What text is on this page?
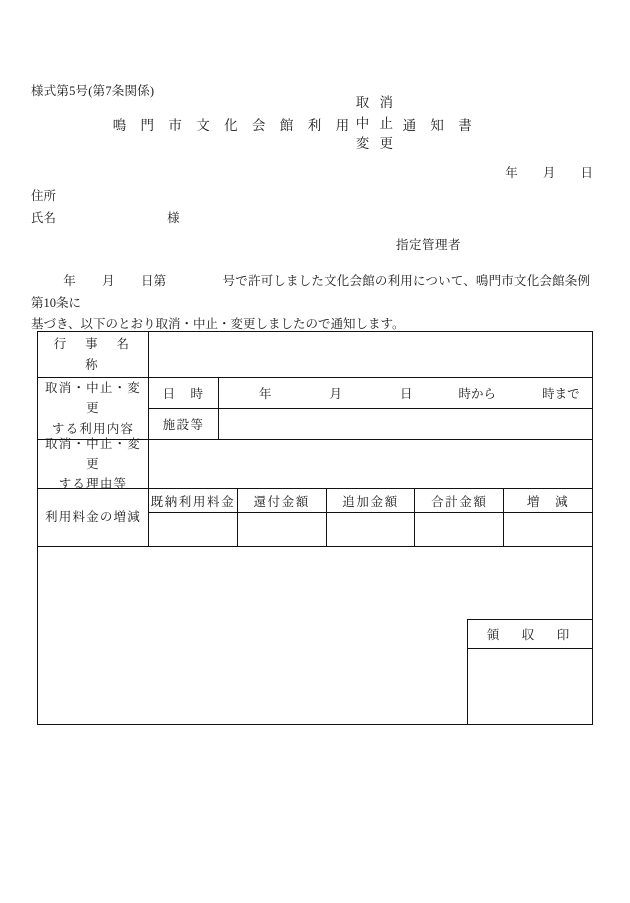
様式第5号(第7条関係)
鳴 門 市 文 化 会 館 利 用
取 消
中 止
変 更
通 知 書
年 月 日
住所
氏名	様
指定管理者
年 月 日第	号で許可しました文化会館の利用について、鳴門市文化会館条例第10条に
基づき、以下のとおり取消・中止・変更しましたので通知します。
行　事　名　称
取消・中止・変更
する利用内容
日　時	年	月	日	時から	時まで
施設等
取消・中止・変更
する理由等
利用料金の増減
既納利用料金	還付金額	追加金額	合計金額	増　減
領　収　印
